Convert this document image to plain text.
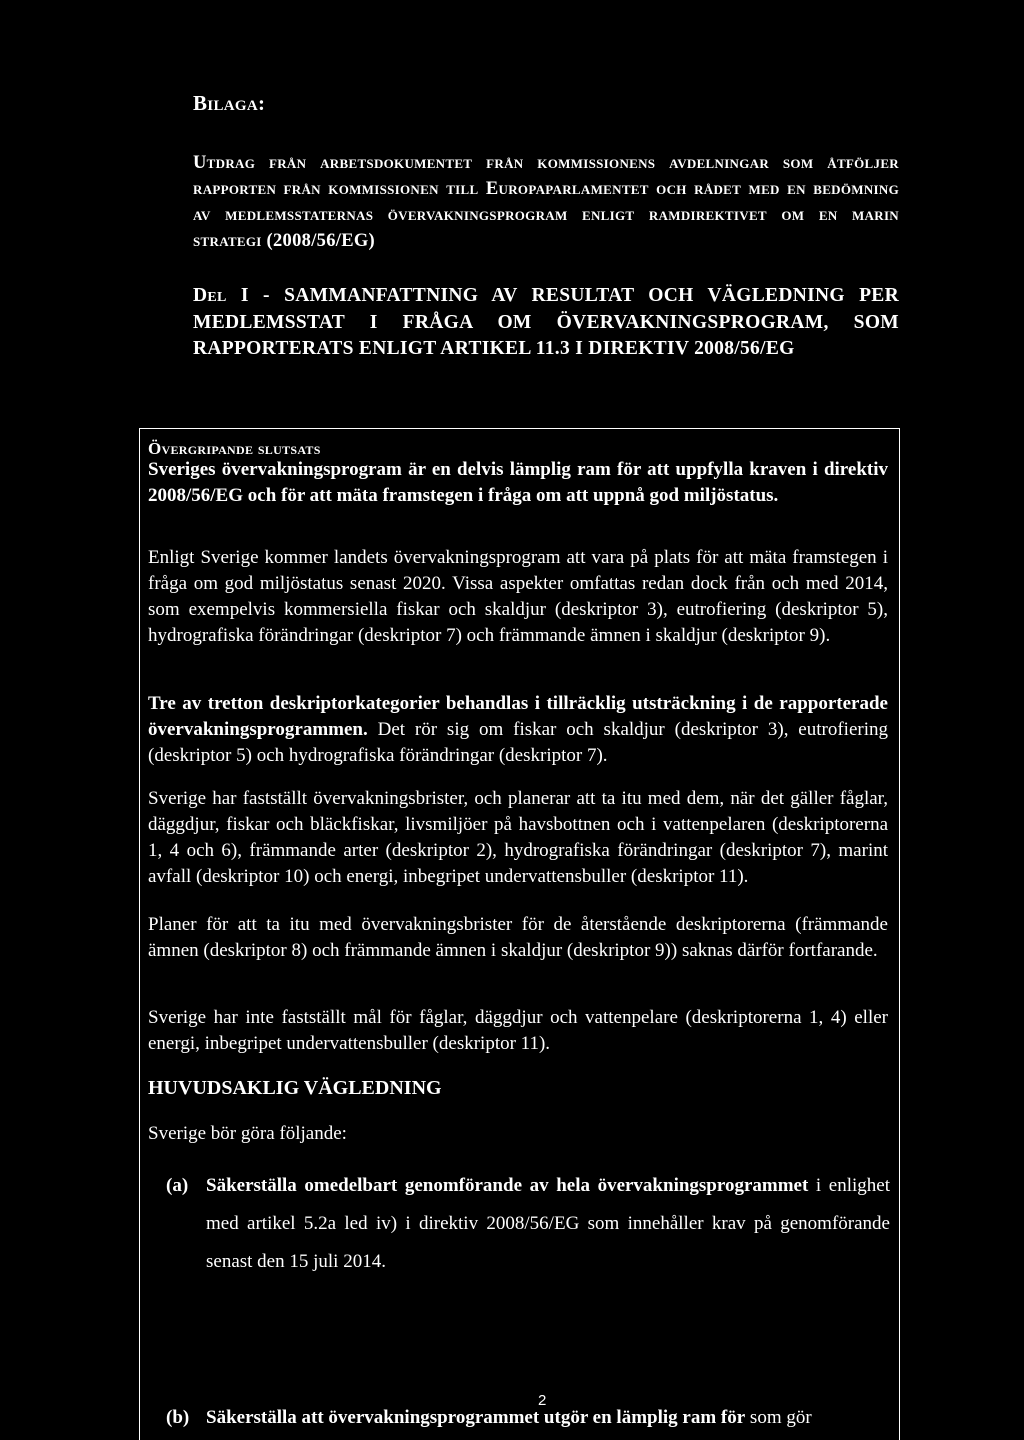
Bilaga:
Utdrag från arbetsdokumentet från kommissionens avdelningar som åtföljer rapporten från kommissionen till Europaparlamentet och rådet med en bedömning av medlemsstaternas övervakningsprogram enligt ramdirektivet om en marin strategi (2008/56/EG)
Del I - SAMMANFATTNING AV RESULTAT OCH VÄGLEDNING PER MEDLEMSSTAT I FRÅGA OM ÖVERVAKNINGSPROGRAM, SOM RAPPORTERATS ENLIGT ARTIKEL 11.3 I DIREKTIV 2008/56/EG
Övergripande slutsats
Sveriges övervakningsprogram är en delvis lämplig ram för att uppfylla kraven i direktiv 2008/56/EG och för att mäta framstegen i fråga om att uppnå god miljöstatus.
Enligt Sverige kommer landets övervakningsprogram att vara på plats för att mäta framstegen i fråga om god miljöstatus senast 2020. Vissa aspekter omfattas redan dock från och med 2014, som exempelvis kommersiella fiskar och skaldjur (deskriptor 3), eutrofiering (deskriptor 5), hydrografiska förändringar (deskriptor 7) och främmande ämnen i skaldjur (deskriptor 9).
Tre av tretton deskriptorkategorier behandlas i tillräcklig utsträckning i de rapporterade övervakningsprogrammen. Det rör sig om fiskar och skaldjur (deskriptor 3), eutrofiering (deskriptor 5) och hydrografiska förändringar (deskriptor 7).
Sverige har fastställt övervakningsbrister, och planerar att ta itu med dem, när det gäller fåglar, däggdjur, fiskar och bläckfiskar, livsmiljöer på havsbottnen och i vattenpelaren (deskriptorerna 1, 4 och 6), främmande arter (deskriptor 2), hydrografiska förändringar (deskriptor 7), marint avfall (deskriptor 10) och energi, inbegripet undervattensbuller (deskriptor 11).
Planer för att ta itu med övervakningsbrister för de återstående deskriptorerna (främmande ämnen (deskriptor 8) och främmande ämnen i skaldjur (deskriptor 9)) saknas därför fortfarande.
Sverige har inte fastställt mål för fåglar, däggdjur och vattenpelare (deskriptorerna 1, 4) eller energi, inbegripet undervattensbuller (deskriptor 11).
HUVUDSAKLIG VÄGLEDNING
Sverige bör göra följande:
(a) Säkerställa omedelbart genomförande av hela övervakningsprogrammet i enlighet med artikel 5.2a led iv) i direktiv 2008/56/EG som innehåller krav på genomförande senast den 15 juli 2014.
(b) Säkerställa att övervakningsprogrammet utgör en lämplig ram för som gör
2
